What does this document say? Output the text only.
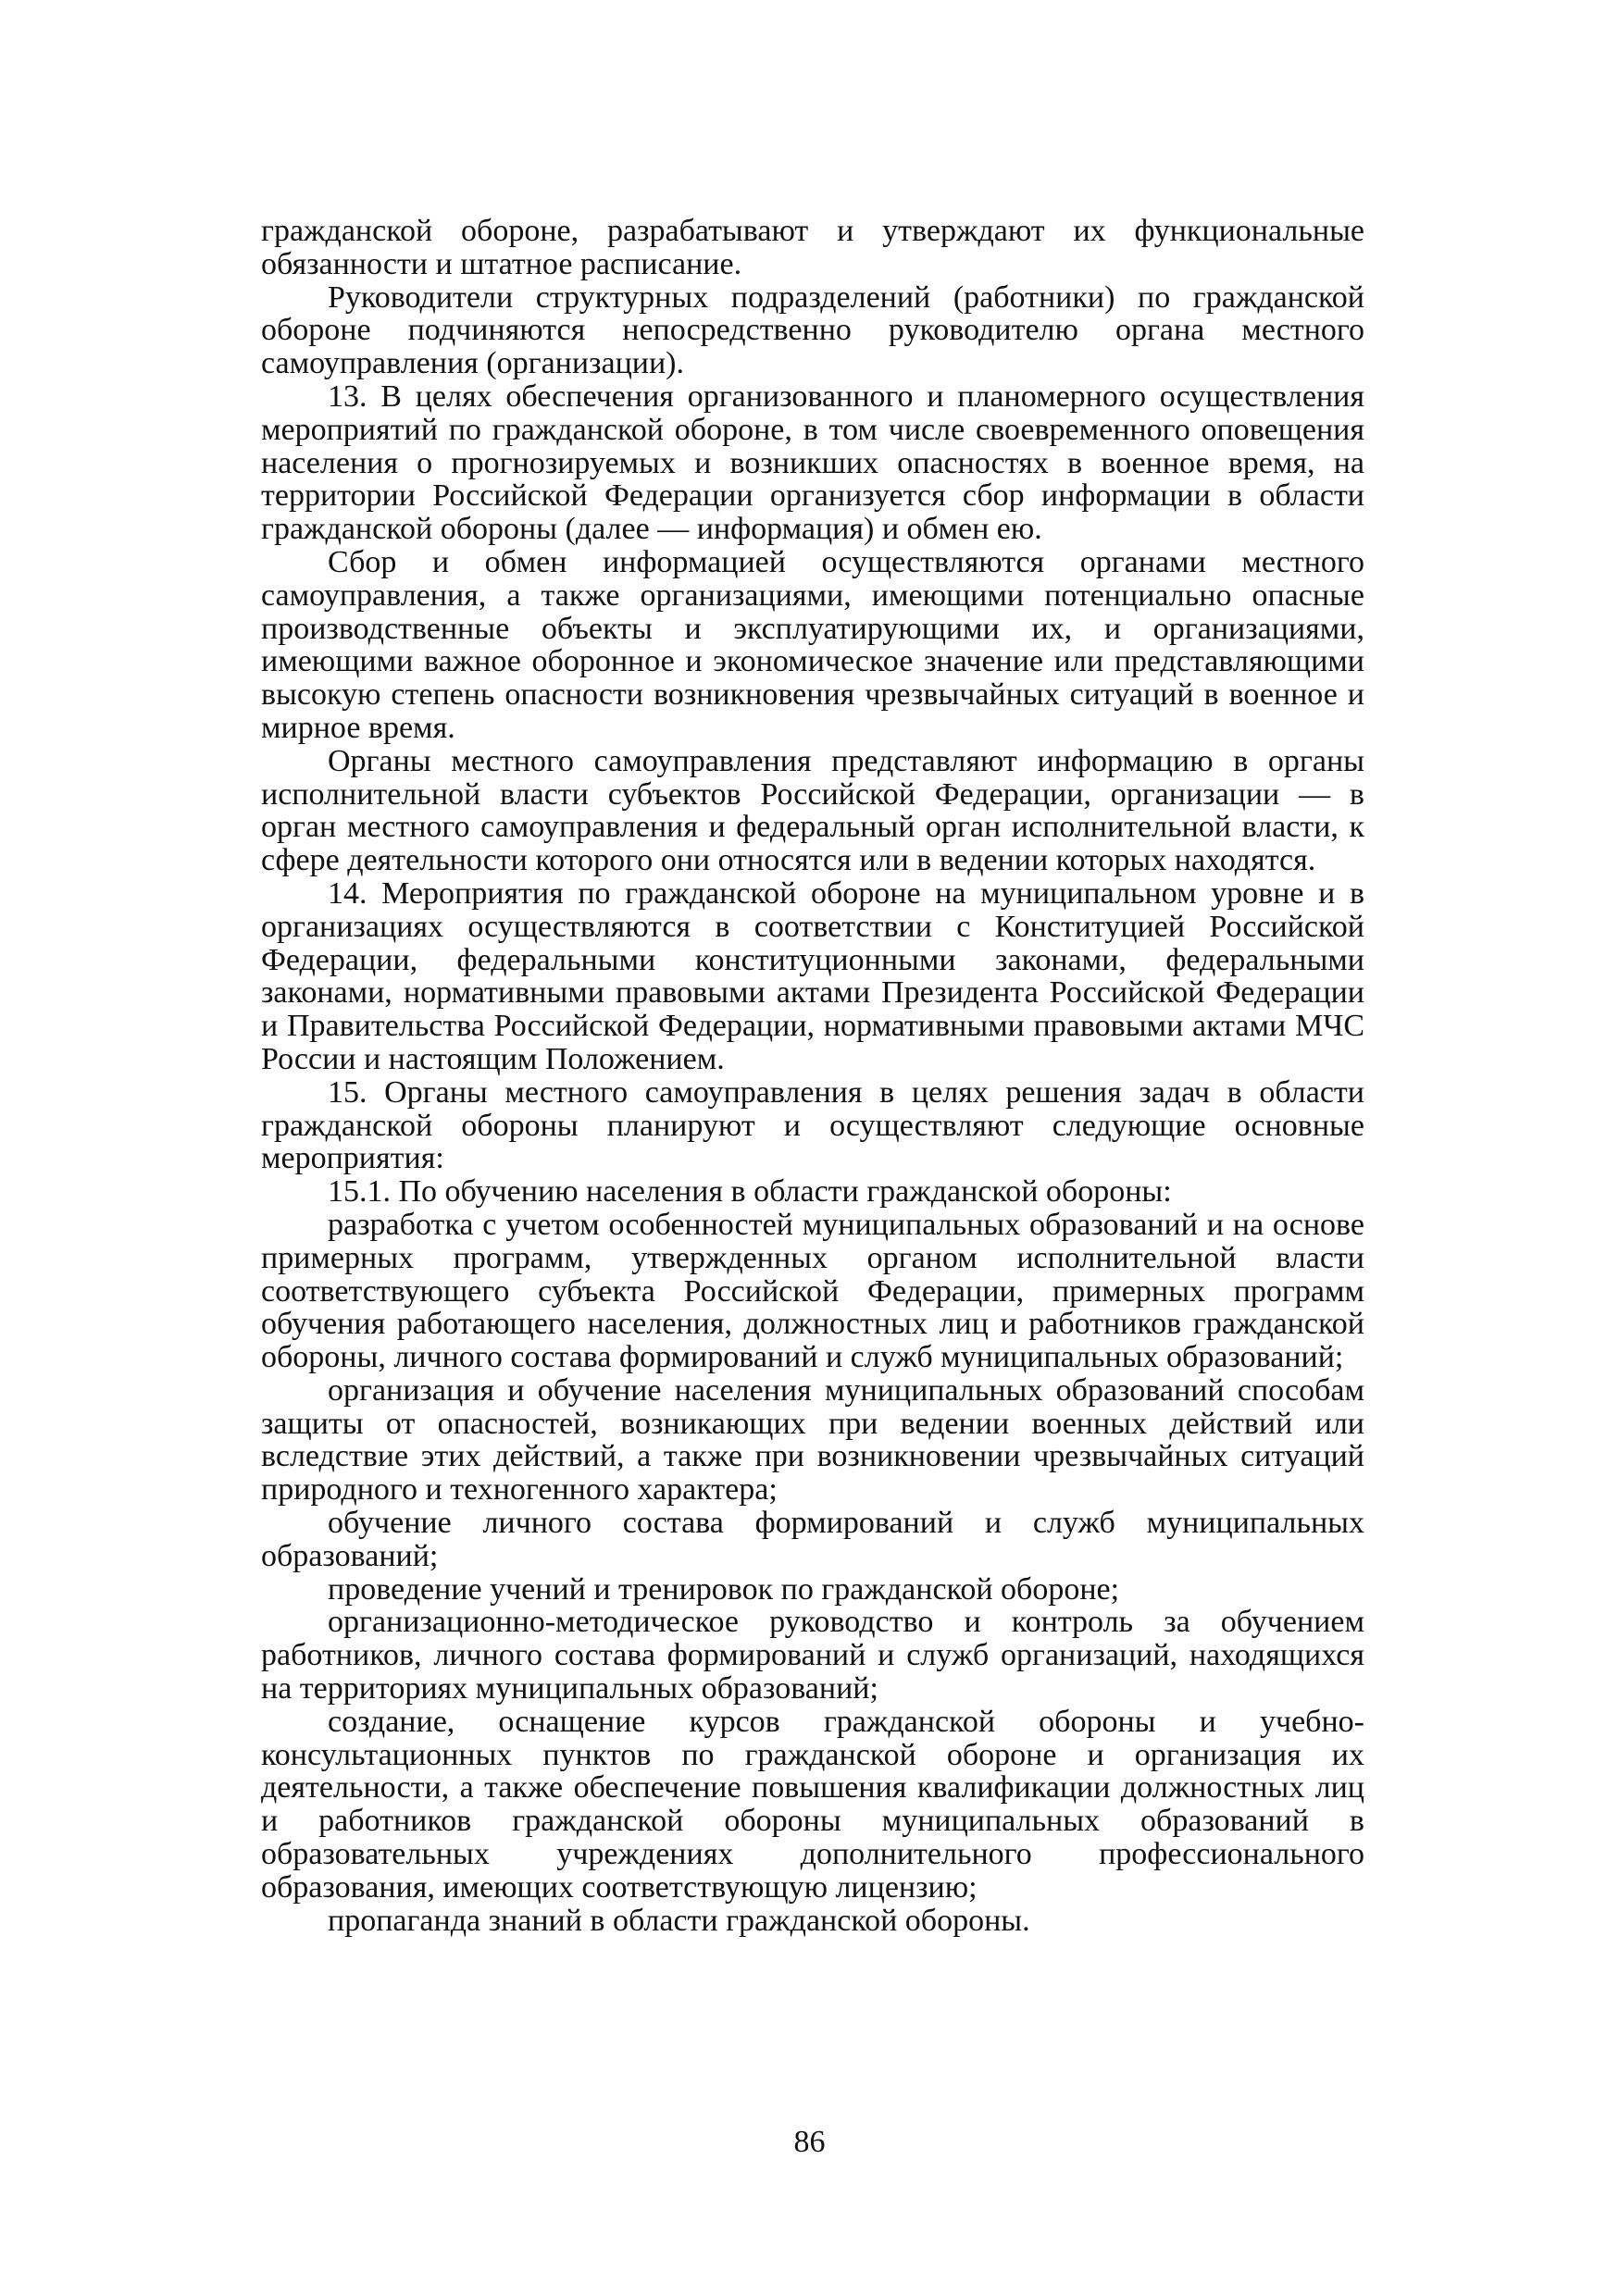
гражданской обороне, разрабатывают и утверждают их функциональные обязанности и штатное расписание.

Руководители структурных подразделений (работники) по гражданской обороне подчиняются непосредственно руководителю органа местного самоуправления (организации).

13. В целях обеспечения организованного и планомерного осуществления мероприятий по гражданской обороне, в том числе своевременного оповещения населения о прогнозируемых и возникших опасностях в военное время, на территории Российской Федерации организуется сбор информации в области гражданской обороны (далее — информация) и обмен ею.

Сбор и обмен информацией осуществляются органами местного самоуправления, а также организациями, имеющими потенциально опасные производственные объекты и эксплуатирующими их, и организациями, имеющими важное оборонное и экономическое значение или представляющими высокую степень опасности возникновения чрезвычайных ситуаций в военное и мирное время.

Органы местного самоуправления представляют информацию в органы исполнительной власти субъектов Российской Федерации, организации — в орган местного самоуправления и федеральный орган исполнительной власти, к сфере деятельности которого они относятся или в ведении которых находятся.

14. Мероприятия по гражданской обороне на муниципальном уровне и в организациях осуществляются в соответствии с Конституцией Российской Федерации, федеральными конституционными законами, федеральными законами, нормативными правовыми актами Президента Российской Федерации и Правительства Российской Федерации, нормативными правовыми актами МЧС России и настоящим Положением.

15. Органы местного самоуправления в целях решения задач в области гражданской обороны планируют и осуществляют следующие основные мероприятия:

15.1. По обучению населения в области гражданской обороны:

разработка с учетом особенностей муниципальных образований и на основе примерных программ, утвержденных органом исполнительной власти соответствующего субъекта Российской Федерации, примерных программ обучения работающего населения, должностных лиц и работников гражданской обороны, личного состава формирований и служб муниципальных образований;

организация и обучение населения муниципальных образований способам защиты от опасностей, возникающих при ведении военных действий или вследствие этих действий, а также при возникновении чрезвычайных ситуаций природного и техногенного характера;

обучение личного состава формирований и служб муниципальных образований;

проведение учений и тренировок по гражданской обороне;

организационно-методическое руководство и контроль за обучением работников, личного состава формирований и служб организаций, находящихся на территориях муниципальных образований;

создание, оснащение курсов гражданской обороны и учебно-консультационных пунктов по гражданской обороне и организация их деятельности, а также обеспечение повышения квалификации должностных лиц и работников гражданской обороны муниципальных образований в образовательных учреждениях дополнительного профессионального образования, имеющих соответствующую лицензию;

пропаганда знаний в области гражданской обороны.

86
